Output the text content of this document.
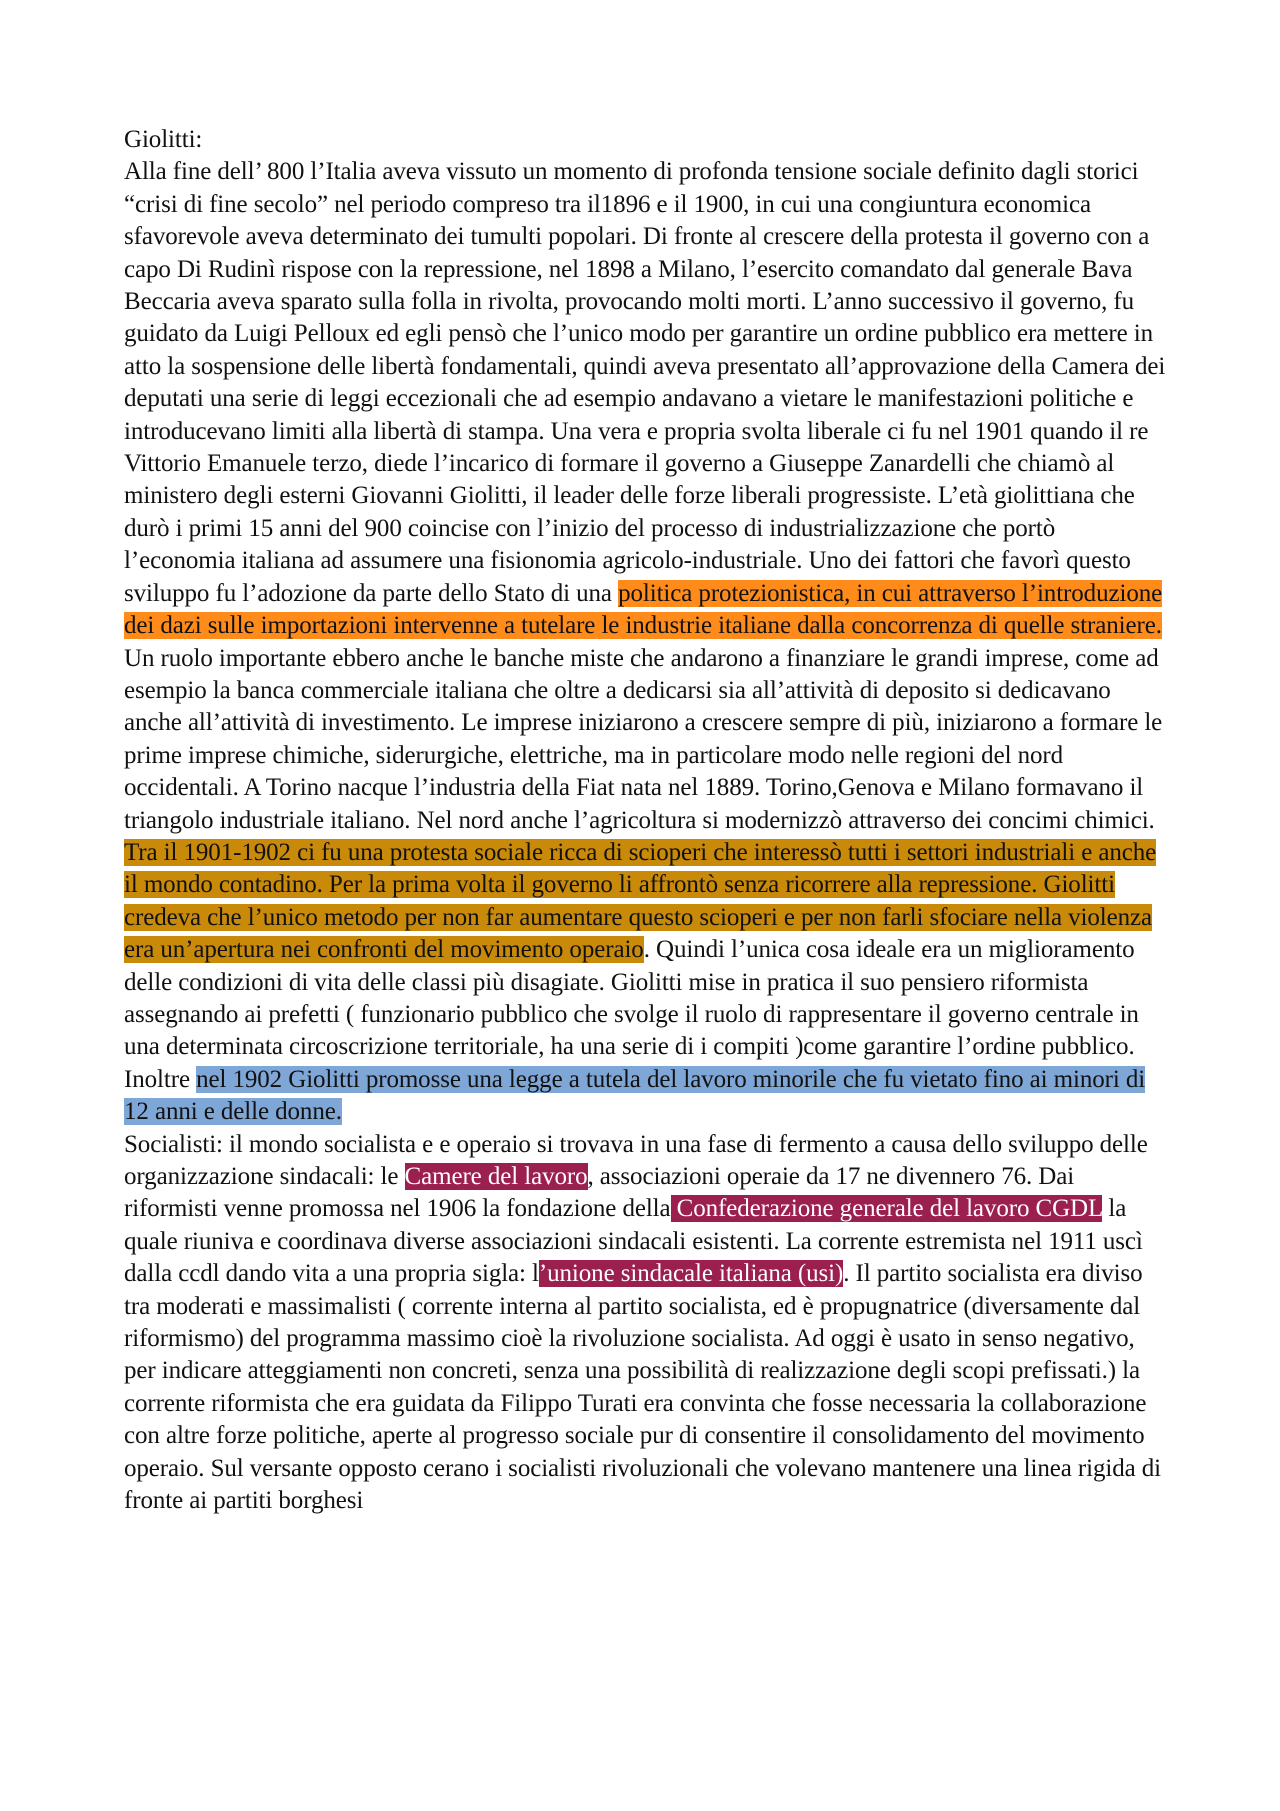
Giolitti:

Alla fine dell’ 800 l’Italia aveva vissuto un momento di profonda tensione sociale definito dagli storici “crisi di fine secolo” nel periodo compreso tra il1896 e il 1900, in cui una congiuntura economica sfavorevole aveva determinato dei tumulti popolari. Di fronte al crescere della protesta il governo con a capo Di Rudinì rispose con la repressione, nel 1898 a Milano, l’esercito comandato dal generale Bava Beccaria aveva sparato sulla folla in rivolta, provocando molti morti. L’anno successivo il governo, fu guidato da Luigi Pelloux ed egli pensò che l’unico modo per garantire un ordine pubblico era mettere in atto la sospensione delle libertà fondamentali, quindi aveva presentato all’approvazione della Camera dei deputati una serie di leggi eccezionali che ad esempio andavano a vietare le manifestazioni politiche e introducevano limiti alla libertà di stampa. Una vera e propria svolta liberale ci fu nel 1901 quando il re Vittorio Emanuele terzo, diede l’incarico di formare il governo a Giuseppe Zanardelli che chiamò al ministero degli esterni Giovanni Giolitti, il leader delle forze liberali progressiste. L’età giolittiana che durò i primi 15 anni del 900 coincise con l’inizio del processo di industrializzazione che portò l’economia italiana ad assumere una fisionomia agricolo-industriale. Uno dei fattori che favorì questo sviluppo fu l’adozione da parte dello Stato di una politica protezionistica, in cui attraverso l’introduzione dei dazi sulle importazioni intervenne a tutelare le industrie italiane dalla concorrenza di quelle straniere. Un ruolo importante ebbero anche le banche miste che andarono a finanziare le grandi imprese, come ad esempio la banca commerciale italiana che oltre a dedicarsi sia all’attività di deposito si dedicavano anche all’attività di investimento. Le imprese iniziarono a crescere sempre di più, iniziarono a formare le prime imprese chimiche, siderurgiche, elettriche, ma in particolare modo nelle regioni del nord occidentali. A Torino nacque l’industria della Fiat nata nel 1889. Torino,Genova e Milano formavano il triangolo industriale italiano. Nel nord anche l’agricoltura si modernizzò attraverso dei concimi chimici. Tra il 1901-1902 ci fu una protesta sociale ricca di scioperi che interessò tutti i settori industriali e anche il mondo contadino. Per la prima volta il governo li affrontò senza ricorrere alla repressione. Giolitti credeva che l’unico metodo per non far aumentare questo scioperi e per non farli sfociare nella violenza era un’apertura nei confronti del movimento operaio. Quindi l’unica cosa ideale era un miglioramento delle condizioni di vita delle classi più disagiate. Giolitti mise in pratica il suo pensiero riformista assegnando ai prefetti ( funzionario pubblico che svolge il ruolo di rappresentare il governo centrale in una determinata circoscrizione territoriale, ha una serie di i compiti )come garantire l’ordine pubblico. Inoltre nel 1902 Giolitti promosse una legge a tutela del lavoro minorile che fu vietato fino ai minori di 12 anni e delle donne.

Socialisti: il mondo socialista e e operaio si trovava in una fase di fermento a causa dello sviluppo delle organizzazione sindacali: le Camere del lavoro, associazioni operaie da 17 ne divennero 76. Dai riformisti venne promossa nel 1906 la fondazione della Confederazione generale del lavoro CGDL la quale riuniva e coordinava diverse associazioni sindacali esistenti. La corrente estremista nel 1911 uscì dalla ccdl dando vita a una propria sigla: l’unione sindacale italiana (usi). Il partito socialista era diviso tra moderati e massimalisti ( corrente interna al partito socialista, ed è propugnatrice (diversamente dal riformismo) del programma massimo cioè la rivoluzione socialista. Ad oggi è usato in senso negativo, per indicare atteggiamenti non concreti, senza una possibilità di realizzazione degli scopi prefissati.) la corrente riformista che era guidata da Filippo Turati era convinta che fosse necessaria la collaborazione con altre forze politiche, aperte al progresso sociale pur di consentire il consolidamento del movimento operaio. Sul versante opposto cerano i socialisti rivoluzionali che volevano mantenere una linea rigida di fronte ai partiti borghesi
